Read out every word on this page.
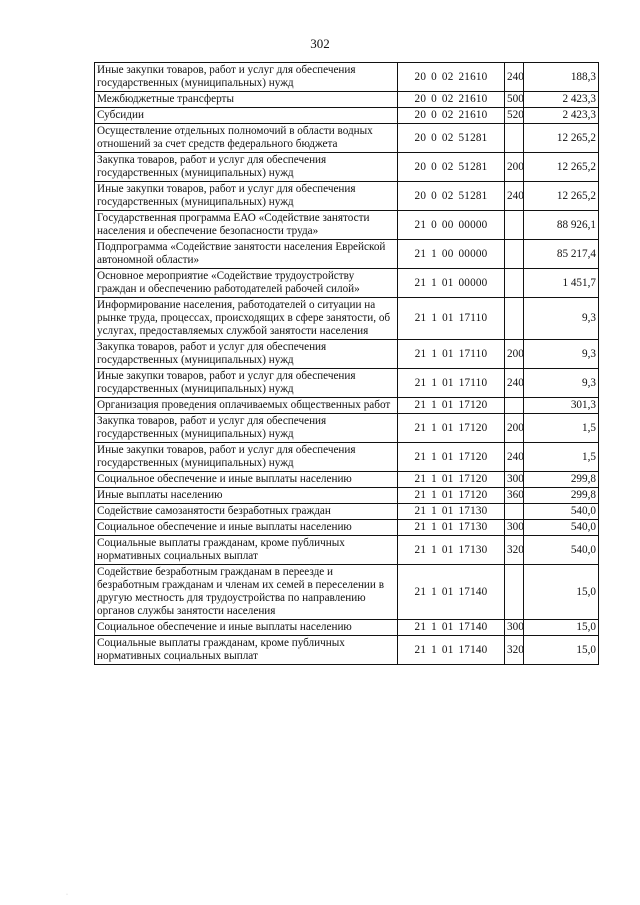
302
Иные закупки товаров, работ и услуг для обеспечения государственных (муниципальных) нужд	20 0 02 21610	240	188,3
Межбюджетные трансферты	20 0 02 21610	500	2 423,3
Субсидии	20 0 02 21610	520	2 423,3
Осуществление отдельных полномочий в области водных отношений за счет средств федерального бюджета	20 0 02 51281		12 265,2
Закупка товаров, работ и услуг для обеспечения государственных (муниципальных) нужд	20 0 02 51281	200	12 265,2
Иные закупки товаров, работ и услуг для обеспечения государственных (муниципальных) нужд	20 0 02 51281	240	12 265,2
Государственная программа ЕАО «Содействие занятости населения и обеспечение безопасности труда»	21 0 00 00000		88 926,1
Подпрограмма «Содействие занятости населения Еврейской автономной области»	21 1 00 00000		85 217,4
Основное мероприятие «Содействие трудоустройству граждан и обеспечению работодателей рабочей силой»	21 1 01 00000		1 451,7
Информирование населения, работодателей о ситуации на рынке труда, процессах, происходящих в сфере занятости, об услугах, предоставляемых службой занятости населения	21 1 01 17110		9,3
Закупка товаров, работ и услуг для обеспечения государственных (муниципальных) нужд	21 1 01 17110	200	9,3
Иные закупки товаров, работ и услуг для обеспечения государственных (муниципальных) нужд	21 1 01 17110	240	9,3
Организация проведения оплачиваемых общественных работ	21 1 01 17120		301,3
Закупка товаров, работ и услуг для обеспечения государственных (муниципальных) нужд	21 1 01 17120	200	1,5
Иные закупки товаров, работ и услуг для обеспечения государственных (муниципальных) нужд	21 1 01 17120	240	1,5
Социальное обеспечение и иные выплаты населению	21 1 01 17120	300	299,8
Иные выплаты населению	21 1 01 17120	360	299,8
Содействие самозанятости безработных граждан	21 1 01 17130		540,0
Социальное обеспечение и иные выплаты населению	21 1 01 17130	300	540,0
Социальные выплаты гражданам, кроме публичных нормативных социальных выплат	21 1 01 17130	320	540,0
Содействие безработным гражданам в переезде и безработным гражданам и членам их семей в переселении в другую местность для трудоустройства по направлению органов службы занятости населения	21 1 01 17140		15,0
Социальное обеспечение и иные выплаты населению	21 1 01 17140	300	15,0
Социальные выплаты гражданам, кроме публичных нормативных социальных выплат	21 1 01 17140	320	15,0
·
